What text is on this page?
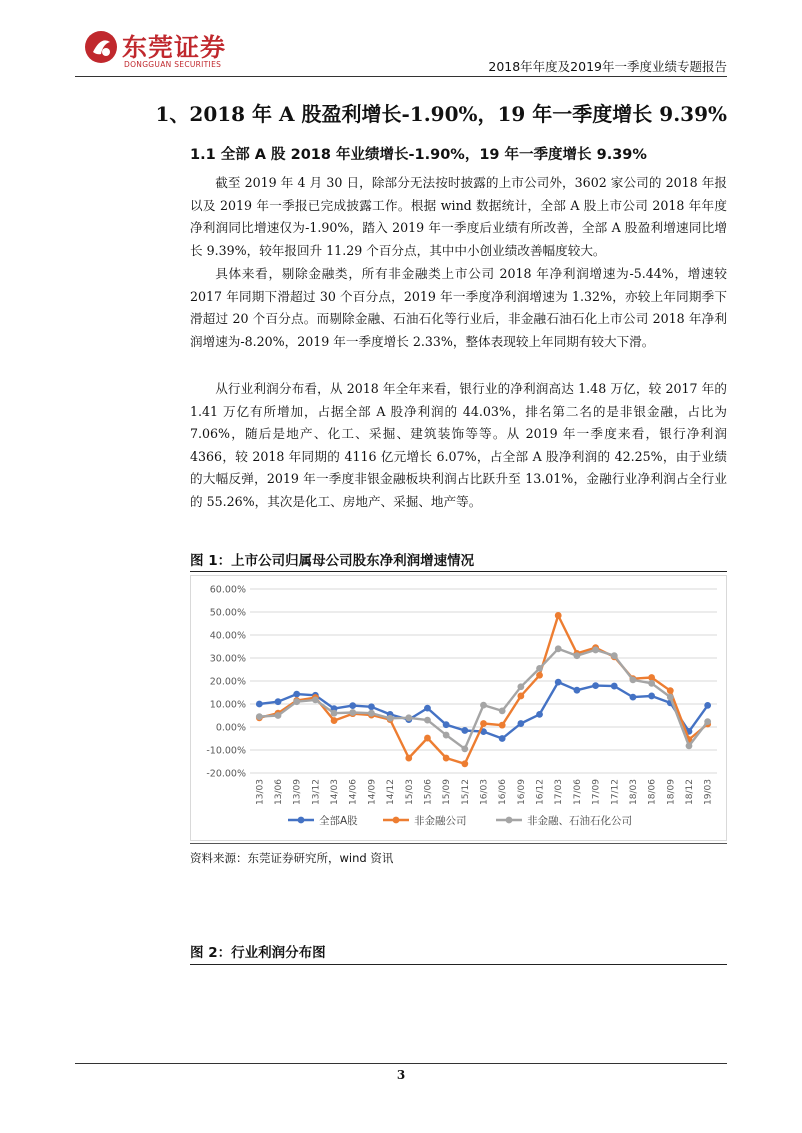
东莞证券
DONGGUAN SECURITIES	2018年年度及2019年一季度业绩专题报告
1、2018 年 A 股盈利增长-1.90%，19 年一季度增长 9.39%
1.1 全部 A 股 2018 年业绩增长-1.90%，19 年一季度增长 9.39%
截至 2019 年 4 月 30 日，除部分无法按时披露的上市公司外，3602 家公司的 2018 年报以及 2019 年一季报已完成披露工作。根据 wind 数据统计，全部 A 股上市公司 2018 年年度净利润同比增速仅为-1.90%，踏入 2019 年一季度后业绩有所改善，全部 A 股盈利增速同比增长 9.39%，较年报回升 11.29 个百分点，其中中小创业绩改善幅度较大。
具体来看，剔除金融类，所有非金融类上市公司 2018 年净利润增速为-5.44%，增速较 2017 年同期下滑超过 30 个百分点，2019 年一季度净利润增速为 1.32%，亦较上年同期季下滑超过 20 个百分点。而剔除金融、石油石化等行业后，非金融石油石化上市公司 2018 年净利润增速为-8.20%，2019 年一季度增长 2.33%，整体表现较上年同期有较大下滑。
从行业利润分布看，从 2018 年全年来看，银行业的净利润高达 1.48 万亿，较 2017 年的 1.41 万亿有所增加，占据全部 A 股净利润的 44.03%，排名第二名的是非银金融，占比为 7.06%，随后是地产、化工、采掘、建筑装饰等等。从 2019 年一季度来看，银行净利润 4366，较 2018 年同期的 4116 亿元增长 6.07%，占全部 A 股净利润的 42.25%，由于业绩的大幅反弹，2019 年一季度非银金融板块利润占比跃升至 13.01%，金融行业净利润占全行业的 55.26%，其次是化工、房地产、采掘、地产等。
图 1：上市公司归属母公司股东净利润增速情况
60.00%
50.00%
40.00%
30.00%
20.00%
10.00%
0.00%
-10.00%
-20.00%
13/03 13/06 13/09 13/12 14/03 14/06 14/09 14/12 15/03 15/06 15/09 15/12 16/03 16/06 16/09 16/12 17/03 17/06 17/09 17/12 18/03 18/06 18/09 18/12 19/03
全部A股	非金融公司	非金融、石油石化公司
资料来源：东莞证券研究所，wind 资讯
图 2：行业利润分布图
3
